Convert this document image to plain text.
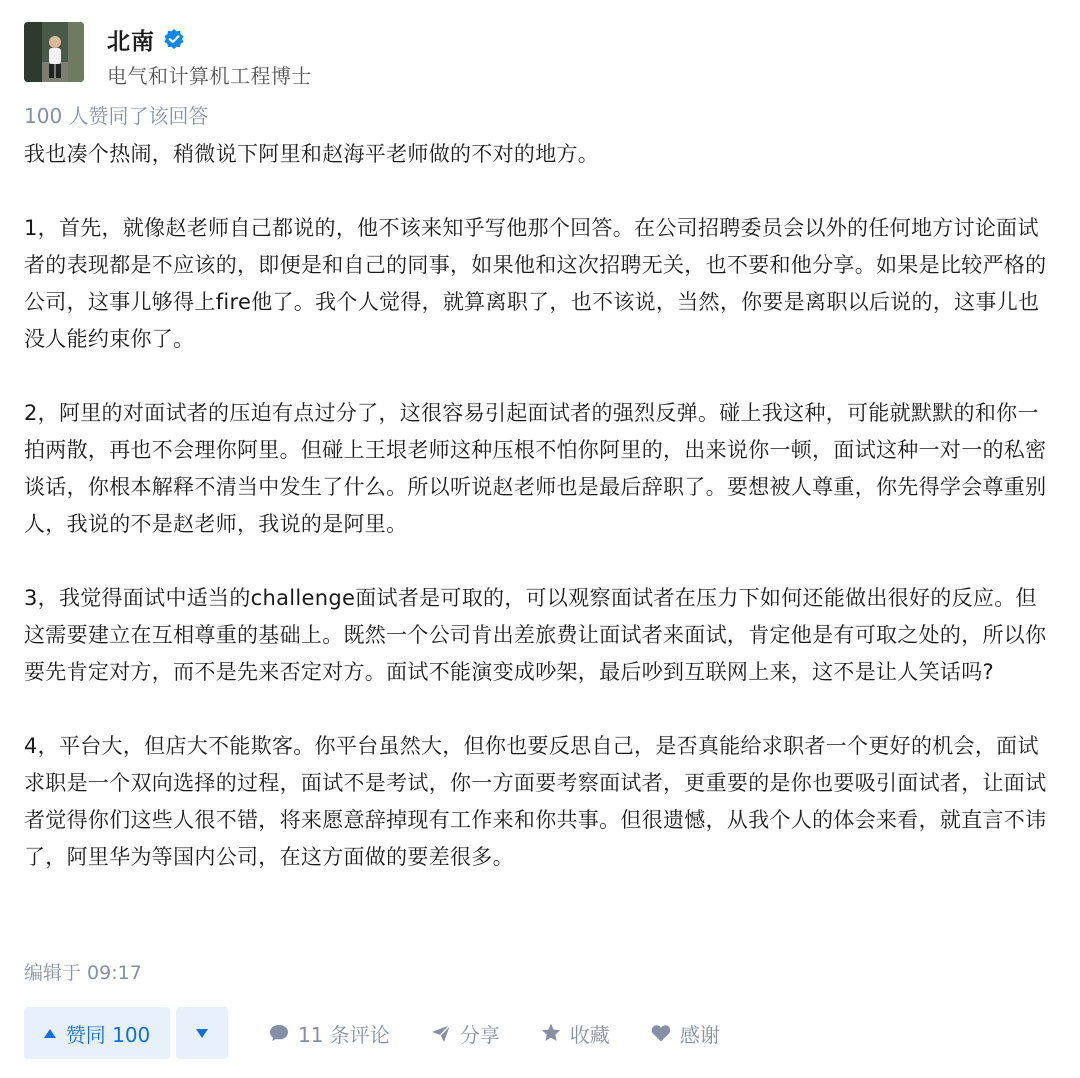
北南
电气和计算机工程博士
100 人赞同了该回答

我也凑个热闹，稍微说下阿里和赵海平老师做的不对的地方。

1，首先，就像赵老师自己都说的，他不该来知乎写他那个回答。在公司招聘委员会以外的任何地方讨论面试者的表现都是不应该的，即便是和自己的同事，如果他和这次招聘无关，也不要和他分享。如果是比较严格的公司，这事儿够得上fire他了。我个人觉得，就算离职了，也不该说，当然，你要是离职以后说的，这事儿也没人能约束你了。

2，阿里的对面试者的压迫有点过分了，这很容易引起面试者的强烈反弹。碰上我这种，可能就默默的和你一拍两散，再也不会理你阿里。但碰上王垠老师这种压根不怕你阿里的，出来说你一顿，面试这种一对一的私密谈话，你根本解释不清当中发生了什么。所以听说赵老师也是最后辞职了。要想被人尊重，你先得学会尊重别人，我说的不是赵老师，我说的是阿里。

3，我觉得面试中适当的challenge面试者是可取的，可以观察面试者在压力下如何还能做出很好的反应。但这需要建立在互相尊重的基础上。既然一个公司肯出差旅费让面试者来面试，肯定他是有可取之处的，所以你要先肯定对方，而不是先来否定对方。面试不能演变成吵架，最后吵到互联网上来，这不是让人笑话吗?

4，平台大，但店大不能欺客。你平台虽然大，但你也要反思自己，是否真能给求职者一个更好的机会，面试求职是一个双向选择的过程，面试不是考试，你一方面要考察面试者，更重要的是你也要吸引面试者，让面试者觉得你们这些人很不错，将来愿意辞掉现有工作来和你共事。但很遗憾，从我个人的体会来看，就直言不讳了，阿里华为等国内公司，在这方面做的要差很多。

编辑于 09:17
赞同 100	11 条评论	分享	收藏	感谢
